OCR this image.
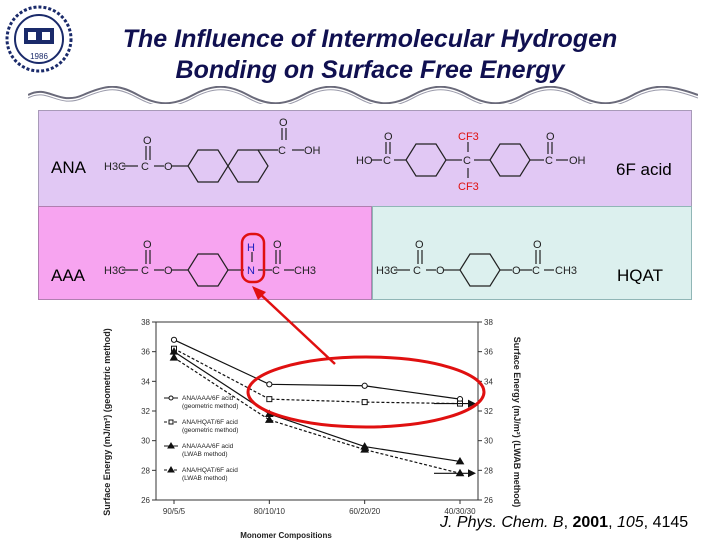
1986
The Influence of Intermolecular Hydrogen
Bonding on Surface Free Energy
H3C C
O
O
C
O
OH
HO C
O
C
CF3
CF3
C
O
OH
H3C C
O
O
H
N C
O
CH3	H3C C
O
O	O C
O
CH3
ANA
AAA
6F acid
HQAT
26	26
28	28
30	30
32	32
34	34
36	36
38	38
90/5/5	80/10/10	60/20/20	40/30/30
ANA/AAA/6F acid
(geometric method)
ANA/HQAT/6F acid
(geometric method)
ANA/AAA/6F acid
(LWAB method)
ANA/HQAT/6F acid
(LWAB method)
Surface Energy (mJ/m²) (geometric method)	Surface Energy (mJ/m²) (LWAB method)
Monomer Compositions
J. Phys. Chem. B, 2001, 105, 4145
